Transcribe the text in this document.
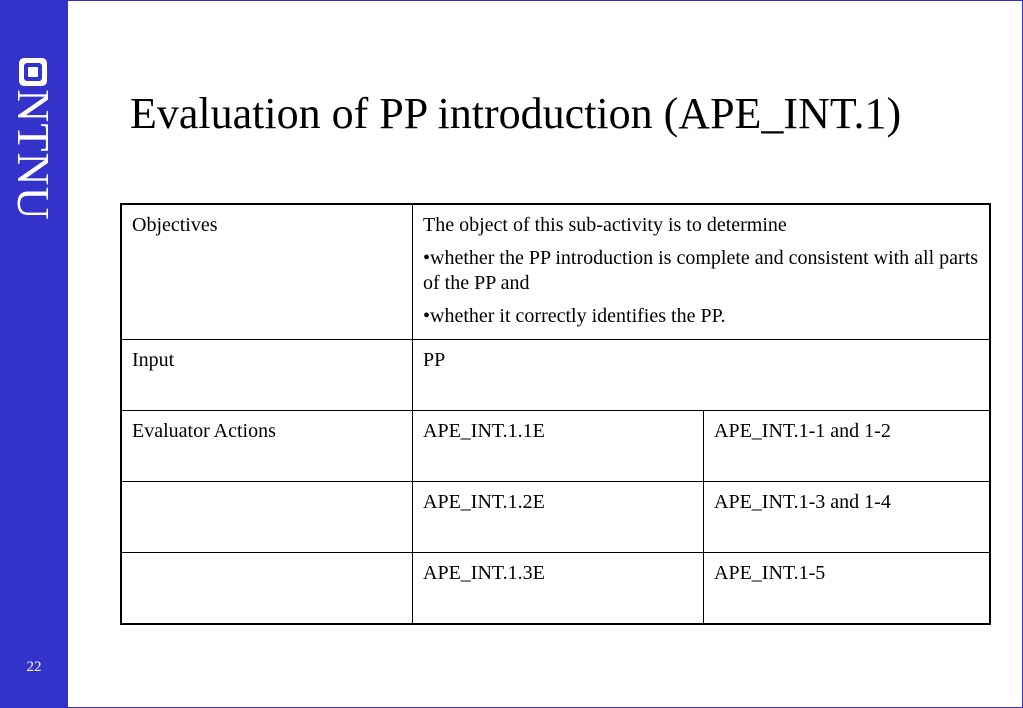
NTNU
22
Evaluation of PP introduction (APE_INT.1)
Objectives	The object of this sub-activity is to determine
•whether the PP introduction is complete and consistent with all parts of the PP and
•whether it correctly identifies the PP.	

Input	PP	
Evaluator Actions	APE_INT.1.1E	APE_INT.1-1 and 1-2
	APE_INT.1.2E	APE_INT.1-3 and 1-4
	APE_INT.1.3E	APE_INT.1-5
